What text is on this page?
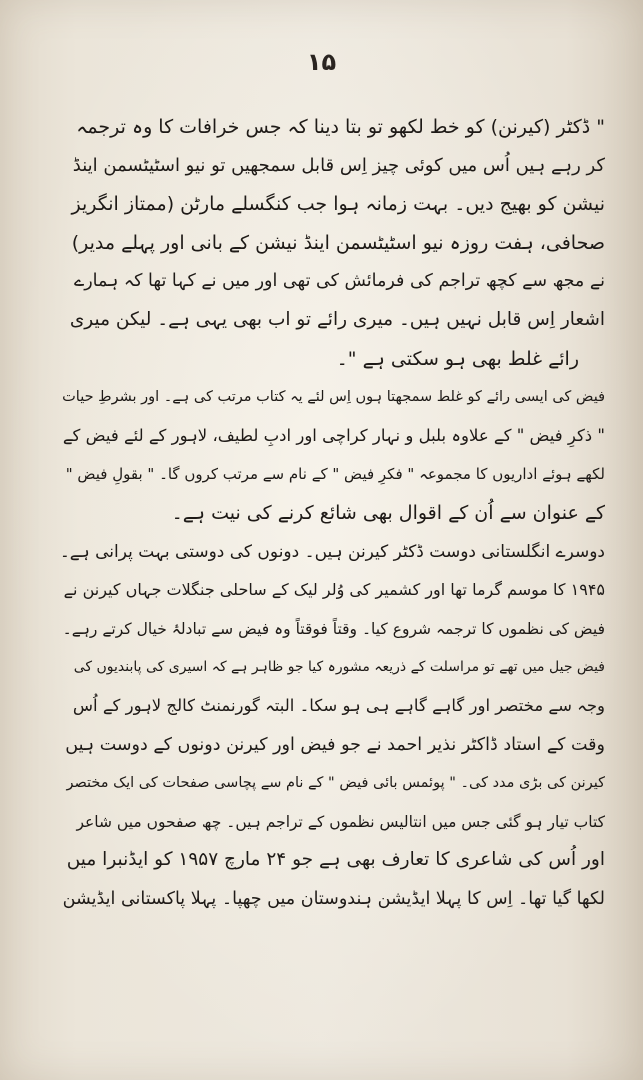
۱۵
" ڈکٹر (کیرنن) کو خط لکھو تو بتا دینا کہ جس خرافات کا وہ ترجمہ
کر رہے ہیں اُس میں کوئی چیز اِس قابل سمجھیں تو نیو اسٹیٹسمن اینڈ
نیشن کو بھیج دیں۔ بہت زمانہ ہوا جب کنگسلے مارٹن (ممتاز انگریز
صحافی، ہفت روزہ نیو اسٹیٹسمن اینڈ نیشن کے بانی اور پہلے مدیر)
نے مجھ سے کچھ تراجم کی فرمائش کی تھی اور میں نے کہا تھا کہ ہمارے
اشعار اِس قابل نہیں ہیں۔ میری رائے تو اب بھی یہی ہے۔ لیکن میری
رائے غلط بھی ہو سکتی ہے "۔
فیض کی ایسی رائے کو غلط سمجھتا ہوں اِس لئے یہ کتاب مرتب کی ہے۔ اور بشرطِ حیات
" ذکرِ فیض " کے علاوہ بلبل و نہار کراچی اور ادبِ لطیف، لاہور کے لئے فیض کے
لکھے ہوئے اداریوں کا مجموعہ " فکرِ فیض " کے نام سے مرتب کروں گا۔ " بقولِ فیض "
کے عنوان سے اُن کے اقوال بھی شائع کرنے کی نیت ہے۔
دوسرے انگلستانی دوست ڈکٹر کیرنن ہیں۔ دونوں کی دوستی بہت پرانی ہے۔
۱۹۴۵ کا موسم گرما تھا اور کشمیر کی وُلر لیک کے ساحلی جنگلات جہاں کیرنن نے
فیض کی نظموں کا ترجمہ شروع کیا۔ وقتاً فوقتاً وہ فیض سے تبادلۂ خیال کرتے رہے۔
فیض جیل میں تھے تو مراسلت کے ذریعہ مشورہ کیا جو ظاہر ہے کہ اسیری کی پابندیوں کی
وجہ سے مختصر اور گاہے گاہے ہی ہو سکا۔ البتہ گورنمنٹ کالج لاہور کے اُس
وقت کے استاد ڈاکٹر نذیر احمد نے جو فیض اور کیرنن دونوں کے دوست ہیں
کیرنن کی بڑی مدد کی۔ " پوئمس بائی فیض " کے نام سے پچاسی صفحات کی ایک مختصر
کتاب تیار ہو گئی جس میں انتالیس نظموں کے تراجم ہیں۔ چھ صفحوں میں شاعر
اور اُس کی شاعری کا تعارف بھی ہے جو ۲۴ مارچ ۱۹۵۷ کو ایڈنبرا میں
لکھا گیا تھا۔ اِس کا پہلا ایڈیشن ہندوستان میں چھپا۔ پہلا پاکستانی ایڈیشن
